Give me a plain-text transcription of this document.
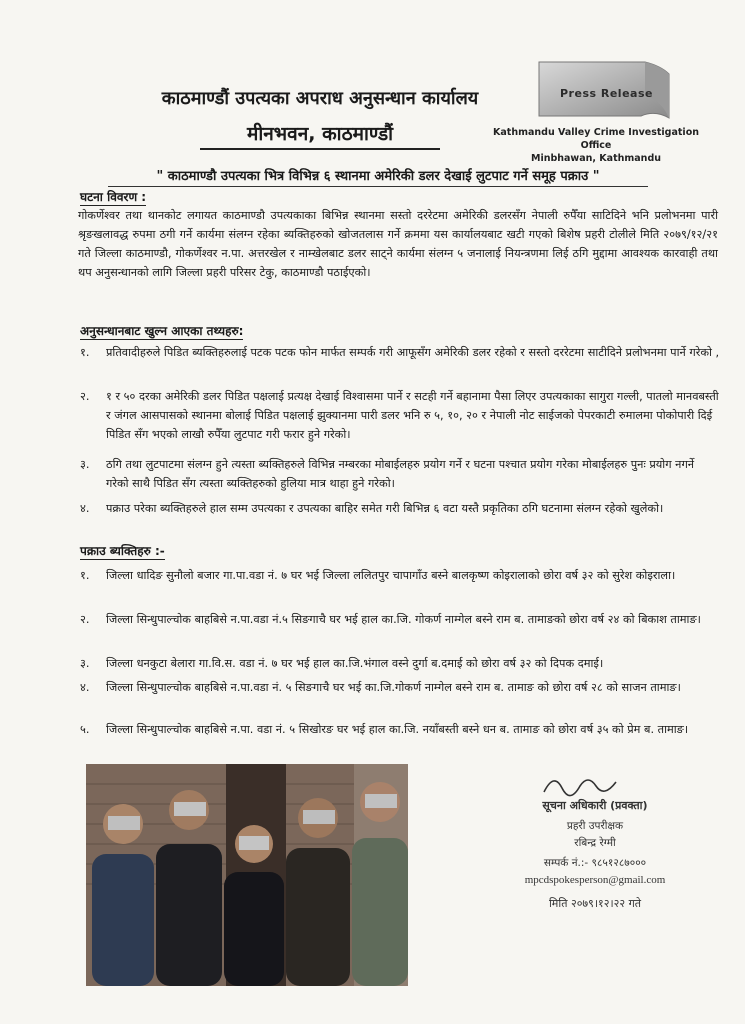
काठमाण्डौं उपत्यका अपराध अनुसन्धान कार्यालय
मीनभवन, काठमाण्डौं
Press Release
Kathmandu Valley Crime Investigation Office
Minbhawan, Kathmandu
" काठमाण्डौ उपत्यका भित्र विभिन्न ६ स्थानमा अमेरिकी डलर देखाई लुटपाट गर्ने समूह पक्राउ "
घटना विवरण :
गोकर्णेश्वर तथा थानकोट लगायत काठमाण्डौ उपत्यकाका बिभिन्न स्थानमा सस्तो दररेटमा अमेरिकी डलरसँग नेपाली रुपैँया साटिदिने भनि प्रलोभनमा पारी श्रृङखलावद्ध रुपमा ठगी गर्ने कार्यमा संलग्न रहेका ब्यक्तिहरुको खोजतलास गर्ने क्रममा यस कार्यालयबाट खटी गएको बिशेष प्रहरी टोलीले मिति २०७९/१२/२१ गते जिल्ला काठमाण्डौ, गोकर्णेश्वर न.पा. अत्तरखेल र नाम्खेलबाट डलर साट्ने कार्यमा संलग्न ५ जनालाई नियन्त्रणमा लिई ठगि मुद्दामा आवश्यक कारवाही तथा थप अनुसन्धानको लागि जिल्ला प्रहरी परिसर टेकु, काठमाण्डौ पठाईएको।
अनुसन्धानबाट खुल्न आएका तथ्यहरु:
१.	प्रतिवादीहरुले पिडित ब्यक्तिहरुलाई पटक पटक फोन मार्फत सम्पर्क गरी आफूसँग अमेरिकी डलर रहेको र सस्तो दररेटमा साटीदिने प्रलोभनमा पार्ने गरेको ,
२.	१ र ५० दरका अमेरिकी डलर पिडित पक्षलाई प्रत्यक्ष देखाई विश्वासमा पार्ने र सटही गर्ने बहानामा पैसा लिएर उपत्यकाका सागुरा गल्ली, पातलो मानवबस्ती र जंगल आसपासको स्थानमा बोलाई पिडित पक्षलाई झुक्यानमा पारी डलर भनि रु ५, १०, २० र नेपाली नोट साईजको पेपरकाटी रुमालमा पोकोपारी दिई पिडित सँग भएको लाखौ रुपैँया लुटपाट गरी फरार हुने गरेको।
३.	ठगि तथा लुटपाटमा संलग्न हुने त्यस्ता ब्यक्तिहरुले विभिन्न नम्बरका मोबाईलहरु प्रयोग गर्ने र घटना पश्चात प्रयोग गरेका मोबाईलहरु पुनः प्रयोग नगर्ने गरेको साथै पिडित सँग त्यस्ता ब्यक्तिहरुको हुलिया मात्र थाहा हुने गरेको।
४.	पक्राउ परेका ब्यक्तिहरुले हाल सम्म उपत्यका र उपत्यका बाहिर समेत गरी बिभिन्न ६ वटा यस्तै प्रकृतिका ठगि घटनामा संलग्न रहेको खुलेको।
पक्राउ ब्यक्तिहरु :-
१.	जिल्ला धादिङ सुनौलो बजार गा.पा.वडा नं. ७ घर भई जिल्ला ललितपुर चापागाँउ बस्ने बालकृष्ण कोइरालाको छोरा वर्ष ३२ को सुरेश कोइराला।
२.	जिल्ला सिन्धुपाल्चोक बाहबिसे न.पा.वडा नं.५ सिङगाचै घर भई हाल का.जि. गोकर्ण नाम्गेल बस्ने राम ब. तामाङको छोरा वर्ष २४ को बिकाश तामाङ।
३.	जिल्ला धनकुटा बेलारा गा.वि.स. वडा नं. ७ घर भई हाल का.जि.भंगाल वस्ने दुर्गा ब.दमाई को छोरा वर्ष ३२ को दिपक दमाई।
४.	जिल्ला सिन्धुपाल्चोक बाहबिसे न.पा.वडा नं. ५ सिङगाचै घर भई का.जि.गोकर्ण नाम्गेल बस्ने राम ब. तामाङ को छोरा वर्ष २८ को साजन तामाङ।
५.	जिल्ला सिन्धुपाल्चोक बाहबिसे न.पा. वडा नं. ५ सिखोरङ घर भई हाल का.जि. नयाँबस्ती बस्ने धन ब. तामाङ को छोरा वर्ष ३५ को प्रेम ब. तामाङ।
सूचना अधिकारी (प्रवक्ता)
प्रहरी उपरीक्षक
रबिन्द्र रेग्मी
सम्पर्क नं.:- ९८५१२८७०००
mpcdspokesperson@gmail.com
मिति २०७९।१२।२२ गते
